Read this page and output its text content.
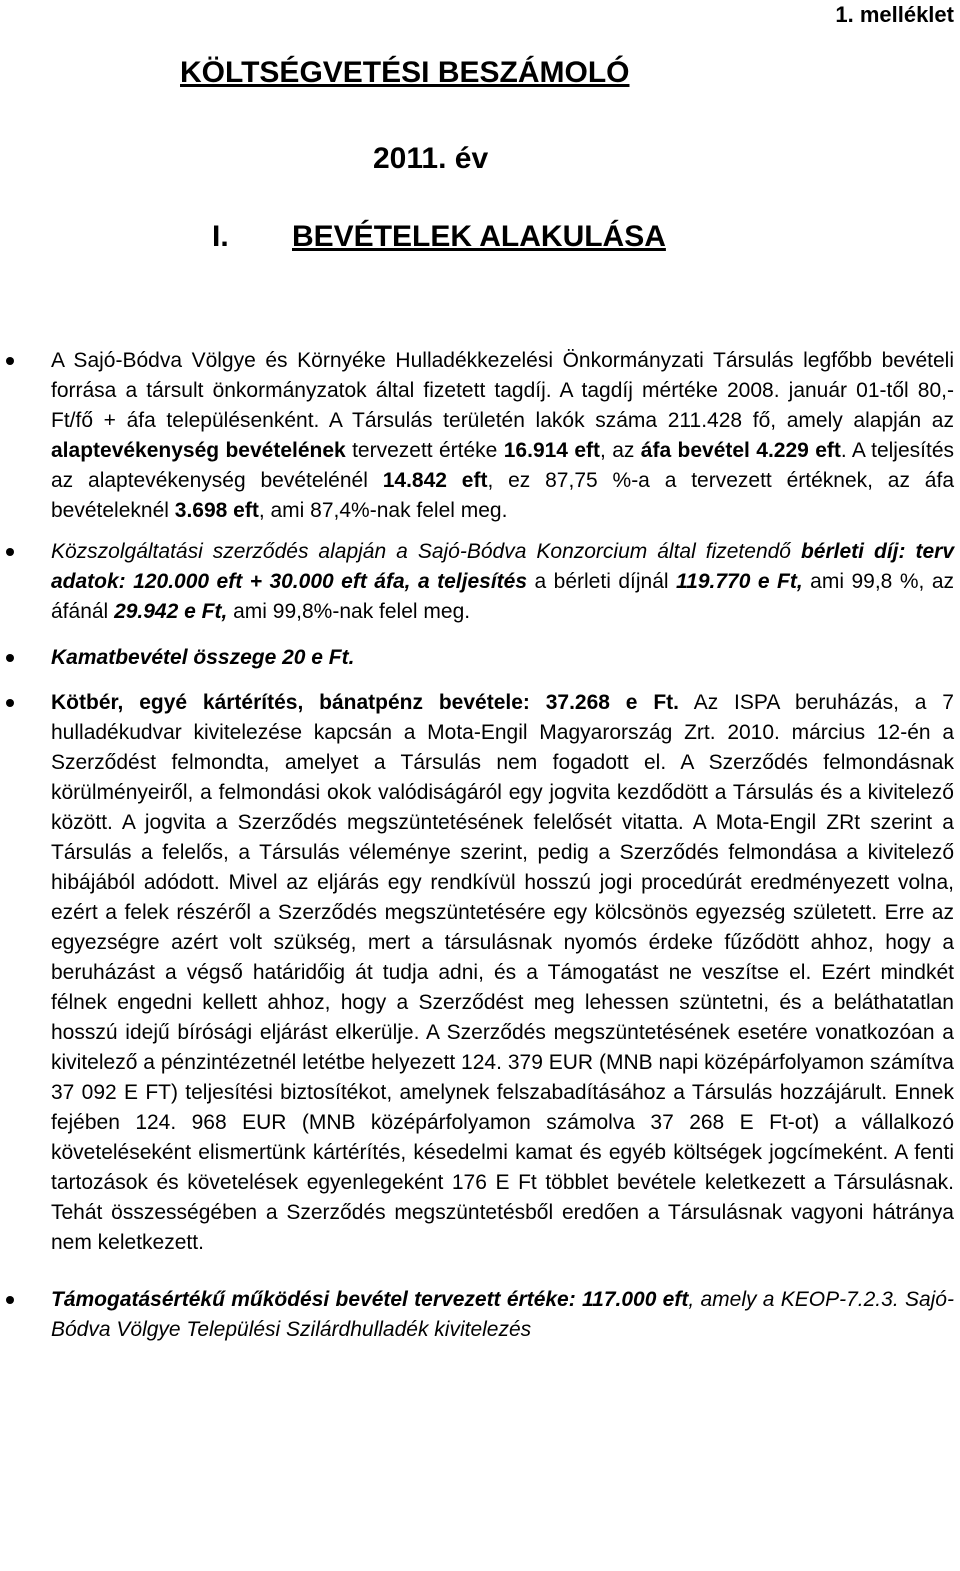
1. melléklet

KÖLTSÉGVETÉSI BESZÁMOLÓ
2011. év
I. BEVÉTELEK ALAKULÁSA
A Sajó-Bódva Völgye és Környéke Hulladékkezelési Önkormányzati Társulás legfőbb bevételi forrása a társult önkormányzatok által fizetett tagdíj. A tagdíj mértéke 2008. január 01-től 80,- Ft/fő + áfa településenként. A Társulás területén lakók száma 211.428 fő, amely alapján az alaptevékenység bevételének tervezett értéke 16.914 eft, az áfa bevétel 4.229 eft. A teljesítés az alaptevékenység bevételénél 14.842 eft, ez 87,75 %-a a tervezett értéknek, az áfa bevételeknél 3.698 eft, ami 87,4%-nak felel meg.
Közszolgáltatási szerződés alapján a Sajó-Bódva Konzorcium által fizetendő bérleti díj: terv adatok: 120.000 eft + 30.000 eft áfa, a teljesítés a bérleti díjnál 119.770 e Ft, ami 99,8 %, az áfánál 29.942 e Ft, ami 99,8%-nak felel meg.
Kamatbevétel összege 20 e Ft.
Kötbér, egyé kártérítés, bánatpénz bevétele: 37.268 e Ft. Az ISPA beruházás, a 7 hulladékudvar kivitelezése kapcsán a Mota-Engil Magyarország Zrt. 2010. március 12-én a Szerződést felmondta, amelyet a Társulás nem fogadott el. A Szerződés felmondásnak körülményeiről, a felmondási okok valódiságáról egy jogvita kezdődött a Társulás és a kivitelező között. A jogvita a Szerződés megszüntetésének felelősét vitatta. A Mota-Engil ZRt szerint a Társulás a felelős, a Társulás véleménye szerint, pedig a Szerződés felmondása a kivitelező hibájából adódott. Mivel az eljárás egy rendkívül hosszú jogi procedúrát eredményezett volna, ezért a felek részéről a Szerződés megszüntetésére egy kölcsönös egyezség született. Erre az egyezségre azért volt szükség, mert a társulásnak nyomós érdeke fűződött ahhoz, hogy a beruházást a végső határidőig át tudja adni, és a Támogatást ne veszítse el. Ezért mindkét félnek engedni kellett ahhoz, hogy a Szerződést meg lehessen szüntetni, és a beláthatatlan hosszú idejű bírósági eljárást elkerülje. A Szerződés megszüntetésének esetére vonatkozóan a kivitelező a pénzintézetnél letétbe helyezett 124. 379 EUR (MNB napi középárfolyamon számítva 37 092 E FT) teljesítési biztosítékot, amelynek felszabadításához a Társulás hozzájárult. Ennek fejében 124. 968 EUR (MNB középárfolyamon számolva 37 268 E Ft-ot) a vállalkozó követeléseként elismertünk kártérítés, késedelmi kamat és egyéb költségek jogcímeként. A fenti tartozások és követelések egyenlegeként 176 E Ft többlet bevétele keletkezett a Társulásnak. Tehát összességében a Szerződés megszüntetésből eredően a Társulásnak vagyoni hátránya nem keletkezett.
Támogatásértékű működési bevétel tervezett értéke: 117.000 eft, amely a KEOP-7.2.3. Sajó-Bódva Völgye Települési Szilárdhulladék kivitelezés
